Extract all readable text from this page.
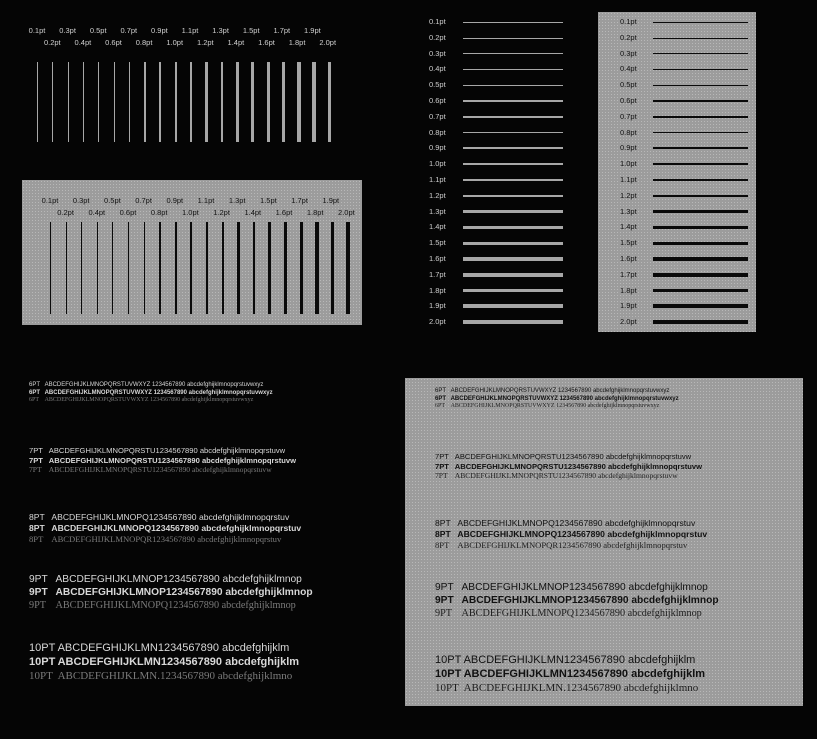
0.1pt
0.2pt
0.3pt
0.4pt
0.5pt
0.6pt
0.7pt
0.8pt
0.9pt
1.0pt
1.1pt
1.2pt
1.3pt
1.4pt
1.5pt
1.6pt
1.7pt
1.8pt
1.9pt
2.0pt
0.1pt
0.2pt
0.3pt
0.4pt
0.5pt
0.6pt
0.7pt
0.8pt
0.9pt
1.0pt
1.1pt
1.2pt
1.3pt
1.4pt
1.5pt
1.6pt
1.7pt
1.8pt
1.9pt
2.0pt
0.1pt
0.2pt
0.3pt
0.4pt
0.5pt
0.6pt
0.7pt
0.8pt
0.9pt
1.0pt
1.1pt
1.2pt
1.3pt
1.4pt
1.5pt
1.6pt
1.7pt
1.8pt
1.9pt
2.0pt
0.1pt
0.2pt
0.3pt
0.4pt
0.5pt
0.6pt
0.7pt
0.8pt
0.9pt
1.0pt
1.1pt
1.2pt
1.3pt
1.4pt
1.5pt
1.6pt
1.7pt
1.8pt
1.9pt
2.0pt
6PT ABCDEFGHIJKLMNOPQRSTUVWXYZ 1234567890 abcdefghijklmnopqrstuvwxyz
6PT ABCDEFGHIJKLMNOPQRSTUVWXYZ 1234567890 abcdefghijklmnopqrstuvwxyz
6PT ABCDEFGHIJKLMNOPQRSTUVWXYZ 1234567890 abcdefghijklmnopqrstuvwxyz
7PT ABCDEFGHIJKLMNOPQRSTU1234567890 abcdefghijklmnopqrstuvw
7PT ABCDEFGHIJKLMNOPQRSTU1234567890 abcdefghijklmnopqrstuvw
7PT ABCDEFGHIJKLMNOPQRSTU1234567890 abcdefghijklmnopqrstuvw
8PT ABCDEFGHIJKLMNOPQ1234567890 abcdefghijklmnopqrstuv
8PT ABCDEFGHIJKLMNOPQ1234567890 abcdefghijklmnopqrstuv
8PT ABCDEFGHIJKLMNOPQR1234567890 abcdefghijklmnopqrstuv
9PT ABCDEFGHIJKLMNOP1234567890 abcdefghijklmnop
9PT ABCDEFGHIJKLMNOP1234567890 abcdefghijklmnop
9PT ABCDEFGHIJKLMNOPQ1234567890 abcdefghijklmnop
10PT ABCDEFGHIJKLMN1234567890 abcdefghijklm
10PT ABCDEFGHIJKLMN1234567890 abcdefghijklm
10PT ABCDEFGHIJKLMN.1234567890 abcdefghijklmno
6PT ABCDEFGHIJKLMNOPQRSTUVWXYZ 1234567890 abcdefghijklmnopqrstuvwxyz
6PT ABCDEFGHIJKLMNOPQRSTUVWXYZ 1234567890 abcdefghijklmnopqrstuvwxyz
6PT ABCDEFGHIJKLMNOPQRSTUVWXYZ 1234567890 abcdefghijklmnopqrstuvwxyz
7PT ABCDEFGHIJKLMNOPQRSTU1234567890 abcdefghijklmnopqrstuvw
7PT ABCDEFGHIJKLMNOPQRSTU1234567890 abcdefghijklmnopqrstuvw
7PT ABCDEFGHIJKLMNOPQRSTU1234567890 abcdefghijklmnopqrstuvw
8PT ABCDEFGHIJKLMNOPQ1234567890 abcdefghijklmnopqrstuv
8PT ABCDEFGHIJKLMNOPQ1234567890 abcdefghijklmnopqrstuv
8PT ABCDEFGHIJKLMNOPQR1234567890 abcdefghijklmnopqrstuv
9PT ABCDEFGHIJKLMNOP1234567890 abcdefghijklmnop
9PT ABCDEFGHIJKLMNOP1234567890 abcdefghijklmnop
9PT ABCDEFGHIJKLMNOPQ1234567890 abcdefghijklmnop
10PT ABCDEFGHIJKLMN1234567890 abcdefghijklm
10PT ABCDEFGHIJKLMN1234567890 abcdefghijklm
10PT ABCDEFGHIJKLMN.1234567890 abcdefghijklmno
